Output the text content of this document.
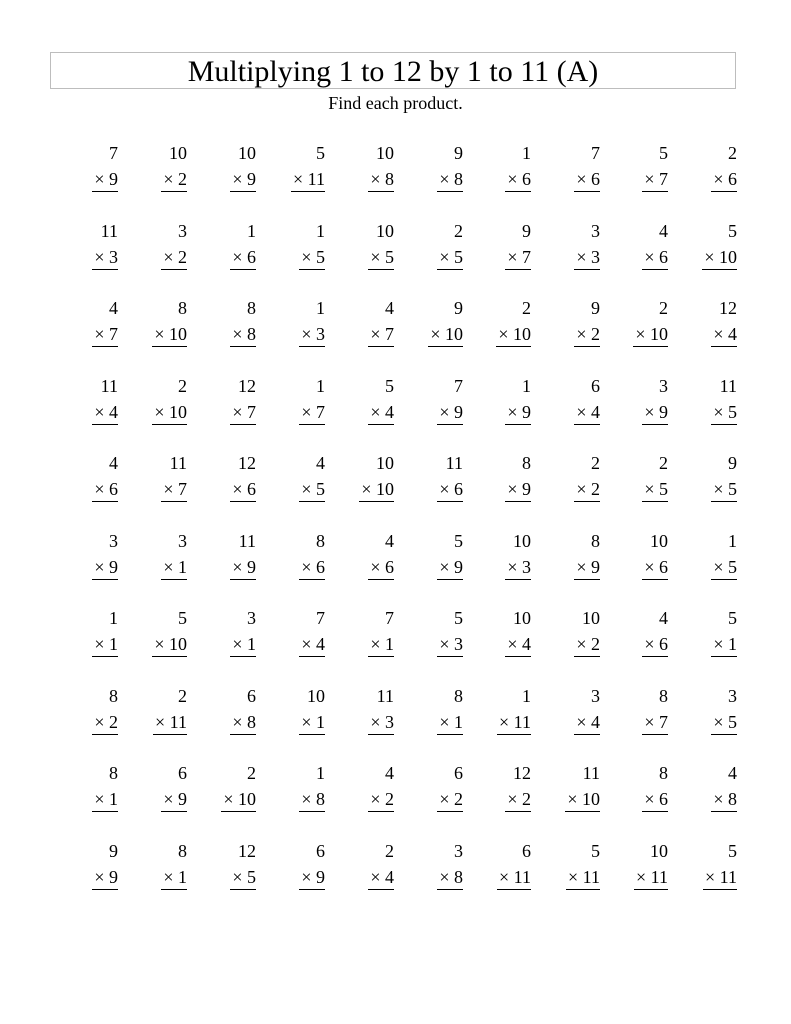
Multiplying 1 to 12 by 1 to 11 (A)
Find each product.
7
× 9
10
× 2
10
× 9
5
× 11
10
× 8
9
× 8
1
× 6
7
× 6
5
× 7
2
× 6
11
× 3
3
× 2
1
× 6
1
× 5
10
× 5
2
× 5
9
× 7
3
× 3
4
× 6
5
× 10
4
× 7
8
× 10
8
× 8
1
× 3
4
× 7
9
× 10
2
× 10
9
× 2
2
× 10
12
× 4
11
× 4
2
× 10
12
× 7
1
× 7
5
× 4
7
× 9
1
× 9
6
× 4
3
× 9
11
× 5
4
× 6
11
× 7
12
× 6
4
× 5
10
× 10
11
× 6
8
× 9
2
× 2
2
× 5
9
× 5
3
× 9
3
× 1
11
× 9
8
× 6
4
× 6
5
× 9
10
× 3
8
× 9
10
× 6
1
× 5
1
× 1
5
× 10
3
× 1
7
× 4
7
× 1
5
× 3
10
× 4
10
× 2
4
× 6
5
× 1
8
× 2
2
× 11
6
× 8
10
× 1
11
× 3
8
× 1
1
× 11
3
× 4
8
× 7
3
× 5
8
× 1
6
× 9
2
× 10
1
× 8
4
× 2
6
× 2
12
× 2
11
× 10
8
× 6
4
× 8
9
× 9
8
× 1
12
× 5
6
× 9
2
× 4
3
× 8
6
× 11
5
× 11
10
× 11
5
× 11
